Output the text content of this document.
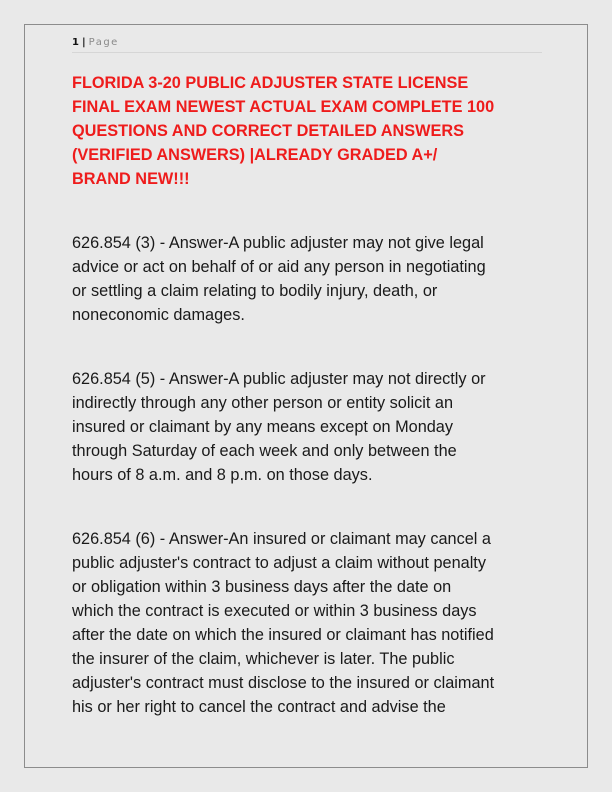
1 | Page
FLORIDA 3-20 PUBLIC ADJUSTER STATE LICENSE
FINAL EXAM NEWEST ACTUAL EXAM COMPLETE 100
QUESTIONS AND CORRECT DETAILED ANSWERS
(VERIFIED ANSWERS) |ALREADY GRADED A+/
BRAND NEW!!!

626.854 (3) - Answer-A public adjuster may not give legal
advice or act on behalf of or aid any person in negotiating
or settling a claim relating to bodily injury, death, or
noneconomic damages.

626.854 (5) - Answer-A public adjuster may not directly or
indirectly through any other person or entity solicit an
insured or claimant by any means except on Monday
through Saturday of each week and only between the
hours of 8 a.m. and 8 p.m. on those days.

626.854 (6) - Answer-An insured or claimant may cancel a
public adjuster's contract to adjust a claim without penalty
or obligation within 3 business days after the date on
which the contract is executed or within 3 business days
after the date on which the insured or claimant has notified
the insurer of the claim, whichever is later. The public
adjuster's contract must disclose to the insured or claimant
his or her right to cancel the contract and advise the
